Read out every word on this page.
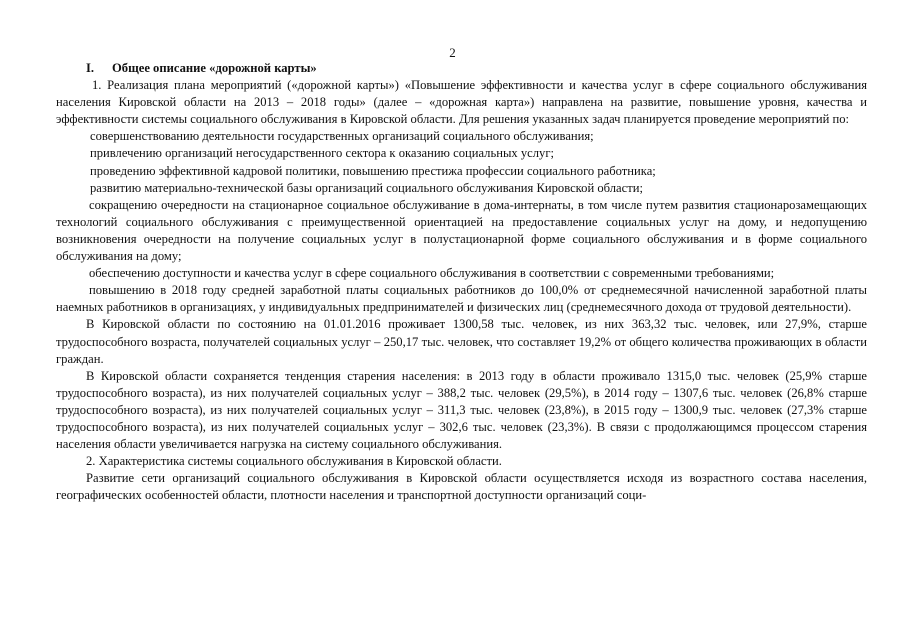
2

I. Общее описание «дорожной карты»

1. Реализация плана мероприятий («дорожной карты») «Повышение эффективности и качества услуг в сфере социального обслуживания населения Кировской области на 2013 – 2018 годы» (далее – «дорожная карта») направлена на развитие, повышение уровня, качества и эффективности системы социального обслуживания в Кировской области. Для решения указанных задач планируется проведение мероприятий по:

совершенствованию деятельности государственных организаций социального обслуживания;

привлечению организаций негосударственного сектора к оказанию социальных услуг;

проведению эффективной кадровой политики, повышению престижа профессии социального работника;

развитию материально-технической базы организаций социального обслуживания Кировской области;

сокращению очередности на стационарное социальное обслуживание в дома-интернаты, в том числе путем развития стационарозамещающих технологий социального обслуживания с преимущественной ориентацией на предоставление социальных услуг на дому, и недопущению возникновения очередности на получение социальных услуг в полустационарной форме социального обслуживания и в форме социального обслуживания на дому;

обеспечению доступности и качества услуг в сфере социального обслуживания в соответствии с современными требованиями;

повышению в 2018 году средней заработной платы социальных работников до 100,0% от среднемесячной начисленной заработной платы наемных работников в организациях, у индивидуальных предпринимателей и физических лиц (среднемесячного дохода от трудовой деятельности).

В Кировской области по состоянию на 01.01.2016 проживает 1300,58 тыс. человек, из них 363,32 тыс. человек, или 27,9%, старше трудоспособного возраста, получателей социальных услуг – 250,17 тыс. человек, что составляет 19,2% от общего количества проживающих в области граждан.

В Кировской области сохраняется тенденция старения населения: в 2013 году в области проживало 1315,0 тыс. человек (25,9% старше трудоспособного возраста), из них получателей социальных услуг – 388,2 тыс. человек (29,5%), в 2014 году – 1307,6 тыс. человек (26,8% старше трудоспособного возраста), из них получателей социальных услуг – 311,3 тыс. человек (23,8%), в 2015 году – 1300,9 тыс. человек (27,3% старше трудоспособного возраста), из них получателей социальных услуг – 302,6 тыс. человек (23,3%). В связи с продолжающимся процессом старения населения области увеличивается нагрузка на систему социального обслуживания.

2. Характеристика системы социального обслуживания в Кировской области.

Развитие сети организаций социального обслуживания в Кировской области осуществляется исходя из возрастного состава населения, географических особенностей области, плотности населения и транспортной доступности организаций соци-
